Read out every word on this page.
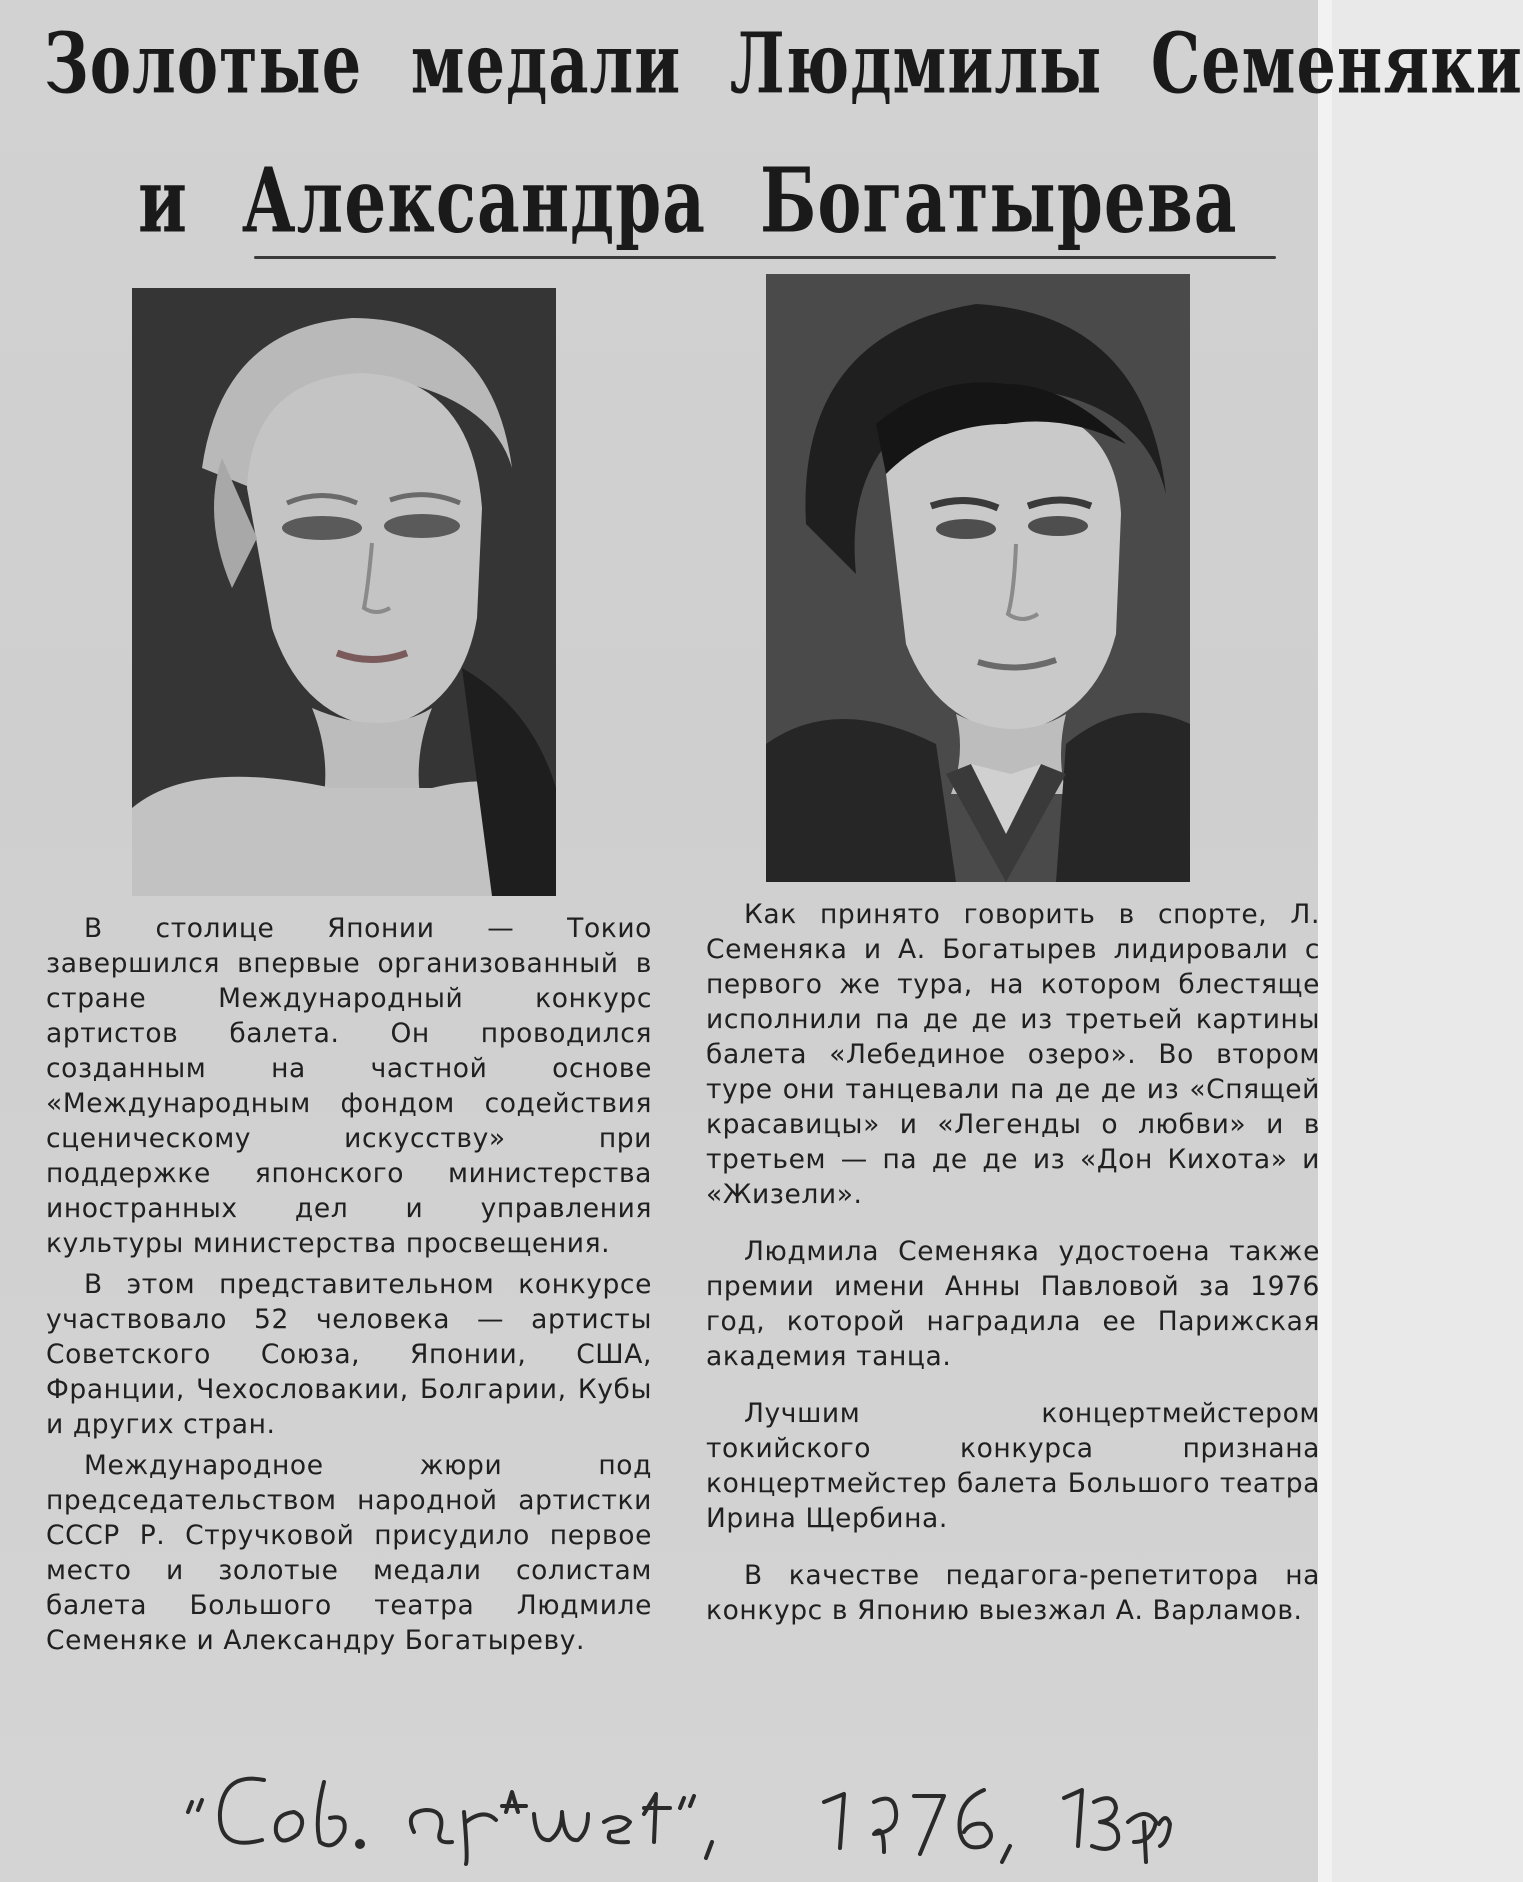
Золотые медали Людмилы Семеняки
и Александра Богатырева

В столице Японии — Токио завершился впервые организованный в стране Международный конкурс артистов балета. Он проводился созданным на частной основе «Международным фондом содействия сценическому искусству» при поддержке японского министерства иностранных дел и управления культуры министерства просвещения.

В этом представительном конкурсе участвовало 52 человека — артисты Советского Союза, Японии, США, Франции, Чехословакии, Болгарии, Кубы и других стран.

Международное жюри под председательством народной артистки СССР Р. Стручковой присудило первое место и золотые медали солистам балета Большого театра Людмиле Семеняке и Александру Богатыреву.

Как принято говорить в спорте, Л. Семеняка и А. Богатырев лидировали с первого же тура, на котором блестяще исполнили па де де из третьей картины балета «Лебединое озеро». Во втором туре они танцевали па де де из «Спящей красавицы» и «Легенды о любви» и в третьем — па де де из «Дон Кихота» и «Жизели».

Людмила Семеняка удостоена также премии имени Анны Павловой за 1976 год, которой наградила ее Парижская академия танца.

Лучшим концертмейстером токийского конкурса признана концертмейстер балета Большого театра Ирина Щербина.

В качестве педагога-репетитора на конкурс в Японию выезжал А. Варламов.
